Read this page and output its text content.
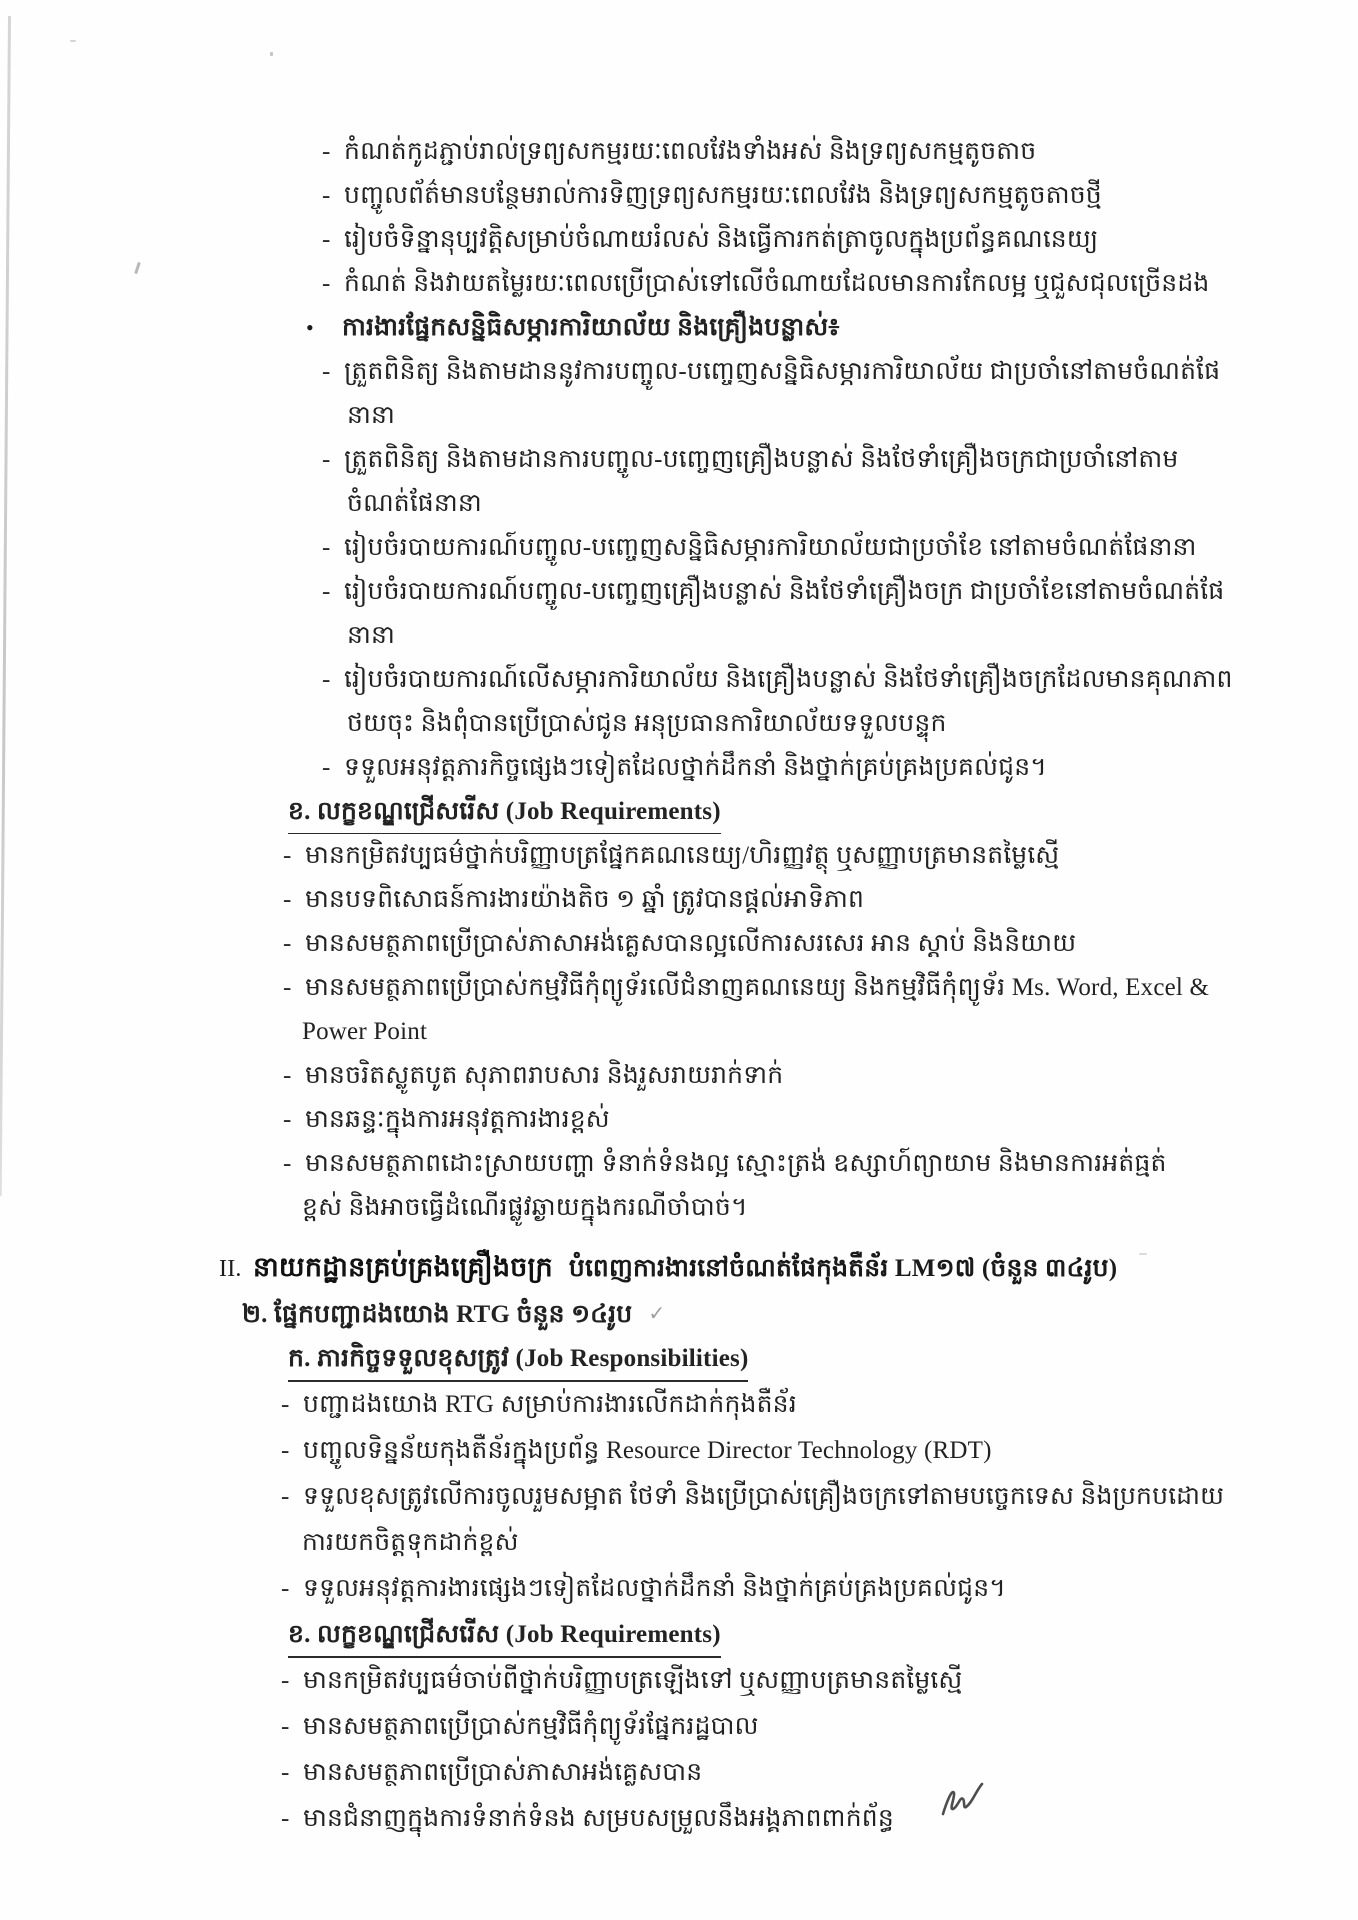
- កំណត់កូដភ្ជាប់រាល់ទ្រព្យសកម្មរយៈពេលវែងទាំងអស់ និងទ្រព្យសកម្មតូចតាច
- បញ្ចូលព័ត៌មានបន្ថែមរាល់ការទិញទ្រព្យសកម្មរយៈពេលវែង និងទ្រព្យសកម្មតូចតាចថ្មី
- រៀបចំទិន្នានុប្បវត្តិសម្រាប់ចំណាយរំលស់ និងធ្វើការកត់ត្រាចូលក្នុងប្រព័ន្ធគណនេយ្យ
- កំណត់ និងវាយតម្លៃរយៈពេលប្រើប្រាស់ទៅលើចំណាយដែលមានការកែលម្អ ឬជួសជុលច្រើនដង
• ការងារផ្នែកសន្និធិសម្ភារការិយាល័យ និងគ្រឿងបន្លាស់៖
- ត្រួតពិនិត្យ និងតាមដាននូវការបញ្ចូល-បញ្ចេញសន្និធិសម្ភារការិយាល័យ ជាប្រចាំនៅតាមចំណត់ផែ
នានា
- ត្រួតពិនិត្យ និងតាមដានការបញ្ចូល-បញ្ចេញគ្រឿងបន្លាស់ និងថែទាំគ្រឿងចក្រជាប្រចាំនៅតាម
ចំណត់ផែនានា
- រៀបចំរបាយការណ៍បញ្ចូល-បញ្ចេញសន្និធិសម្ភារការិយាល័យជាប្រចាំខែ នៅតាមចំណត់ផែនានា
- រៀបចំរបាយការណ៍បញ្ចូល-បញ្ចេញគ្រឿងបន្លាស់ និងថែទាំគ្រឿងចក្រ ជាប្រចាំខែនៅតាមចំណត់ផែ
នានា
- រៀបចំរបាយការណ៍លើសម្ភារការិយាល័យ និងគ្រឿងបន្លាស់ និងថែទាំគ្រឿងចក្រដែលមានគុណភាព
ថយចុះ និងពុំបានប្រើប្រាស់ជូន អនុប្រធានការិយាល័យទទួលបន្ទុក
- ទទួលអនុវត្តភារកិច្ចផ្សេងៗទៀតដែលថ្នាក់ដឹកនាំ និងថ្នាក់គ្រប់គ្រងប្រគល់ជូន។
ខ. លក្ខខណ្ឌជ្រើសរើស (Job Requirements)
- មានកម្រិតវប្បធម៌ថ្នាក់បរិញ្ញាបត្រផ្នែកគណនេយ្យ/ហិរញ្ញវត្ថុ ឬសញ្ញាបត្រមានតម្លៃស្មើ
- មានបទពិសោធន៍ការងារយ៉ាងតិច ១ ឆ្នាំ ត្រូវបានផ្តល់អាទិភាព
- មានសមត្ថភាពប្រើប្រាស់ភាសាអង់គ្លេសបានល្អលើការសរសេរ អាន ស្តាប់ និងនិយាយ
- មានសមត្ថភាពប្រើប្រាស់កម្មវិធីកុំព្យូទ័រលើជំនាញគណនេយ្យ និងកម្មវិធីកុំព្យូទ័រ Ms. Word, Excel &
Power Point
- មានចរិតស្លូតបូត សុភាពរាបសារ និងរួសរាយរាក់ទាក់
- មានឆន្ទៈក្នុងការអនុវត្តការងារខ្ពស់
- មានសមត្ថភាពដោះស្រាយបញ្ហា ទំនាក់ទំនងល្អ ស្មោះត្រង់ ឧស្សាហ៍ព្យាយាម និងមានការអត់ធ្មត់
ខ្ពស់ និងអាចធ្វើដំណើរផ្លូវឆ្ងាយក្នុងករណីចាំបាច់។
II. នាយកដ្ឋានគ្រប់គ្រងគ្រឿងចក្រ បំពេញការងារនៅចំណត់ផែកុងតឺន័រ LM១៧ (ចំនួន ៣៤រូប)
២. ផ្នែកបញ្ជាដងយោង RTG ចំនួន ១៤រូប ✓
ក. ភារកិច្ចទទួលខុសត្រូវ (Job Responsibilities)
- បញ្ជាដងយោង RTG សម្រាប់ការងារលើកដាក់កុងតឺន័រ
- បញ្ចូលទិន្នន័យកុងតឺន័រក្នុងប្រព័ន្ធ Resource Director Technology (RDT)
- ទទួលខុសត្រូវលើការចូលរួមសម្អាត ថែទាំ និងប្រើប្រាស់គ្រឿងចក្រទៅតាមបច្ចេកទេស និងប្រកបដោយ
ការយកចិត្តទុកដាក់ខ្ពស់
- ទទួលអនុវត្តការងារផ្សេងៗទៀតដែលថ្នាក់ដឹកនាំ និងថ្នាក់គ្រប់គ្រងប្រគល់ជូន។
ខ. លក្ខខណ្ឌជ្រើសរើស (Job Requirements)
- មានកម្រិតវប្បធម៌ចាប់ពីថ្នាក់បរិញ្ញាបត្រឡើងទៅ ឬសញ្ញាបត្រមានតម្លៃស្មើ
- មានសមត្ថភាពប្រើប្រាស់កម្មវិធីកុំព្យូទ័រផ្នែករដ្ឋបាល
- មានសមត្ថភាពប្រើប្រាស់ភាសាអង់គ្លេសបាន
- មានជំនាញក្នុងការទំនាក់ទំនង សម្របសម្រួលនឹងអង្គភាពពាក់ព័ន្ធ
